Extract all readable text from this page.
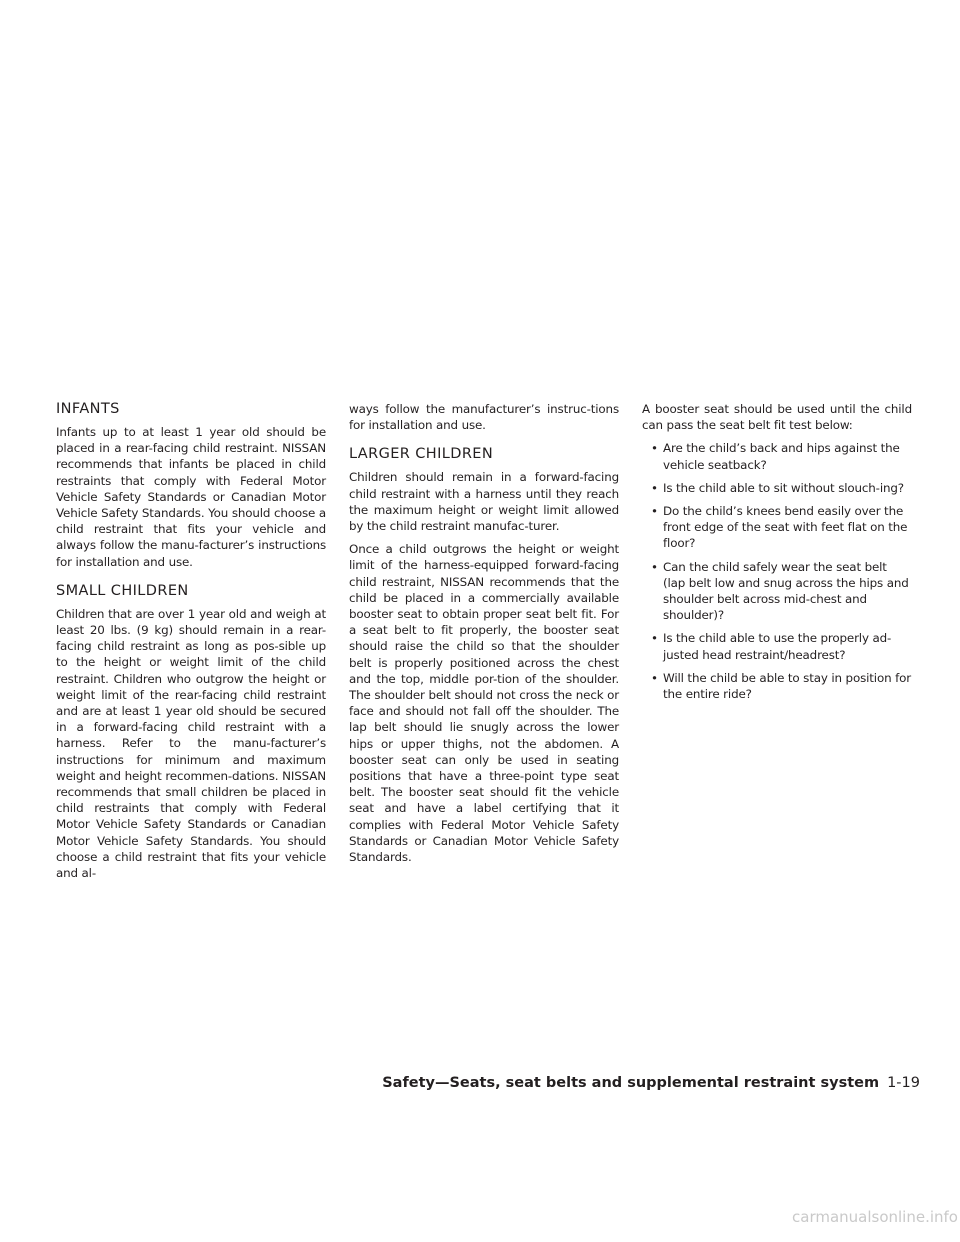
INFANTS

Infants up to at least 1 year old should be placed in a rear-facing child restraint. NISSAN recommends that infants be placed in child restraints that comply with Federal Motor Vehicle Safety Standards or Canadian Motor Vehicle Safety Standards. You should choose a child restraint that fits your vehicle and always follow the manu-facturer’s instructions for installation and use.

SMALL CHILDREN

Children that are over 1 year old and weigh at least 20 lbs. (9 kg) should remain in a rear-facing child restraint as long as pos-sible up to the height or weight limit of the child restraint. Children who outgrow the height or weight limit of the rear-facing child restraint and are at least 1 year old should be secured in a forward-facing child restraint with a harness. Refer to the manu-facturer’s instructions for minimum and maximum weight and height recommen-dations. NISSAN recommends that small children be placed in child restraints that comply with Federal Motor Vehicle Safety Standards or Canadian Motor Vehicle Safety Standards. You should choose a child restraint that fits your vehicle and al-

ways follow the manufacturer’s instruc-tions for installation and use.

LARGER CHILDREN

Children should remain in a forward-facing child restraint with a harness until they reach the maximum height or weight limit allowed by the child restraint manufac-turer.

Once a child outgrows the height or weight limit of the harness-equipped forward-facing child restraint, NISSAN recommends that the child be placed in a commercially available booster seat to obtain proper seat belt fit. For a seat belt to fit properly, the booster seat should raise the child so that the shoulder belt is properly positioned across the chest and the top, middle por-tion of the shoulder. The shoulder belt should not cross the neck or face and should not fall off the shoulder. The lap belt should lie snugly across the lower hips or upper thighs, not the abdomen. A booster seat can only be used in seating positions that have a three-point type seat belt. The booster seat should fit the vehicle seat and have a label certifying that it complies with Federal Motor Vehicle Safety Standards or Canadian Motor Vehicle Safety Standards.

A booster seat should be used until the child can pass the seat belt fit test below:

• Are the child’s back and hips against the vehicle seatback?
• Is the child able to sit without slouch-ing?
• Do the child’s knees bend easily over the front edge of the seat with feet flat on the floor?
• Can the child safely wear the seat belt (lap belt low and snug across the hips and shoulder belt across mid-chest and shoulder)?
• Is the child able to use the properly ad-justed head restraint/headrest?
• Will the child be able to stay in position for the entire ride?
Safety—Seats, seat belts and supplemental restraint system 1-19
carmanualsonline.info
